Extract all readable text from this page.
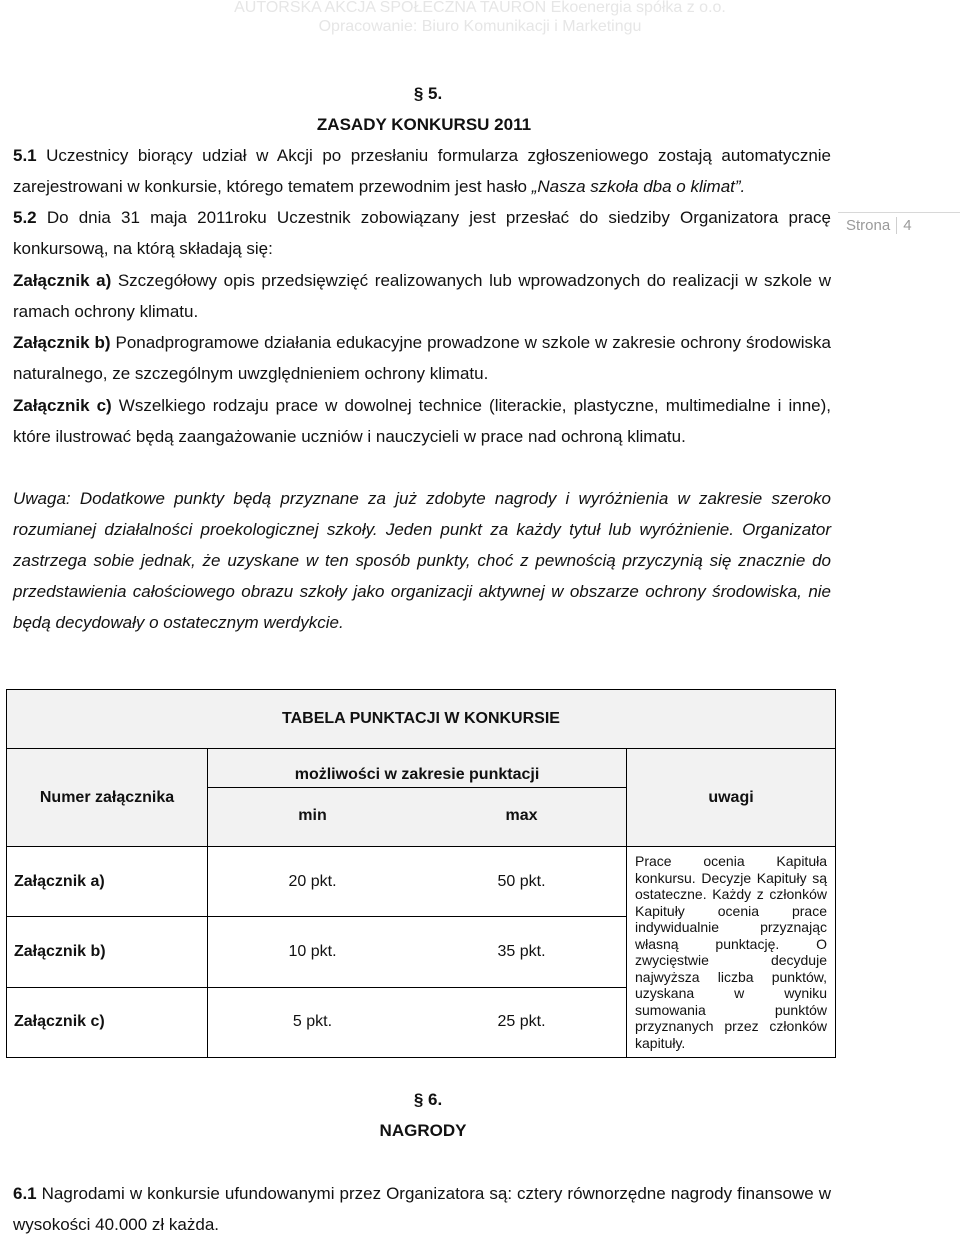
AUTORSKA AKCJA SPÓŁECZNA TAURON Ekoenergia spółka z o.o.
Opracowanie: Biuro Komunikacji i Marketingu
Strona 4
§ 5.
ZASADY KONKURSU 2011
5.1 Uczestnicy biorący udział w Akcji po przesłaniu formularza zgłoszeniowego zostają automatycznie zarejestrowani w konkursie, którego tematem przewodnim jest hasło „Nasza szkoła dba o klimat”.
5.2 Do dnia 31 maja 2011roku Uczestnik zobowiązany jest przesłać do siedziby Organizatora pracę konkursową, na którą składają się:
Załącznik a) Szczegółowy opis przedsięwzięć realizowanych lub wprowadzonych do realizacji w szkole w ramach ochrony klimatu.
Załącznik b) Ponadprogramowe działania edukacyjne prowadzone w szkole w zakresie ochrony środowiska naturalnego, ze szczególnym uwzględnieniem ochrony klimatu.
Załącznik c) Wszelkiego rodzaju prace w dowolnej technice (literackie, plastyczne, multimedialne i inne), które ilustrować będą zaangażowanie uczniów i nauczycieli w prace nad ochroną klimatu.
Uwaga: Dodatkowe punkty będą przyznane za już zdobyte nagrody i wyróżnienia w zakresie szeroko rozumianej działalności proekologicznej szkoły. Jeden punkt za każdy tytuł lub wyróżnienie. Organizator zastrzega sobie jednak, że uzyskane w ten sposób punkty, choć z pewnością przyczynią się znacznie do przedstawienia całościowego obrazu szkoły jako organizacji aktywnej w obszarze ochrony środowiska, nie będą decydowały o ostatecznym werdykcie.
TABELA PUNKTACJI W KONKURSIE			
Numer załącznika	możliwości w zakresie punktacji
min max		uwagi
Załącznik a)	20 pkt.	50 pkt.	Prace ocenia Kapituła konkursu. Decyzje Kapituły są ostateczne. Każdy z członków Kapituły ocenia prace indywidualnie przyznając własną punktację. O zwycięstwie decyduje najwyższa liczba punktów, uzyskana w wyniku sumowania punktów przyznanych przez członków kapituły.
Załącznik b)	10 pkt.	35 pkt.	
Załącznik c)	5 pkt.	25 pkt.	
§ 6.
NAGRODY
6.1 Nagrodami w konkursie ufundowanymi przez Organizatora są: cztery równorzędne nagrody finansowe w wysokości 40.000 zł każda.
